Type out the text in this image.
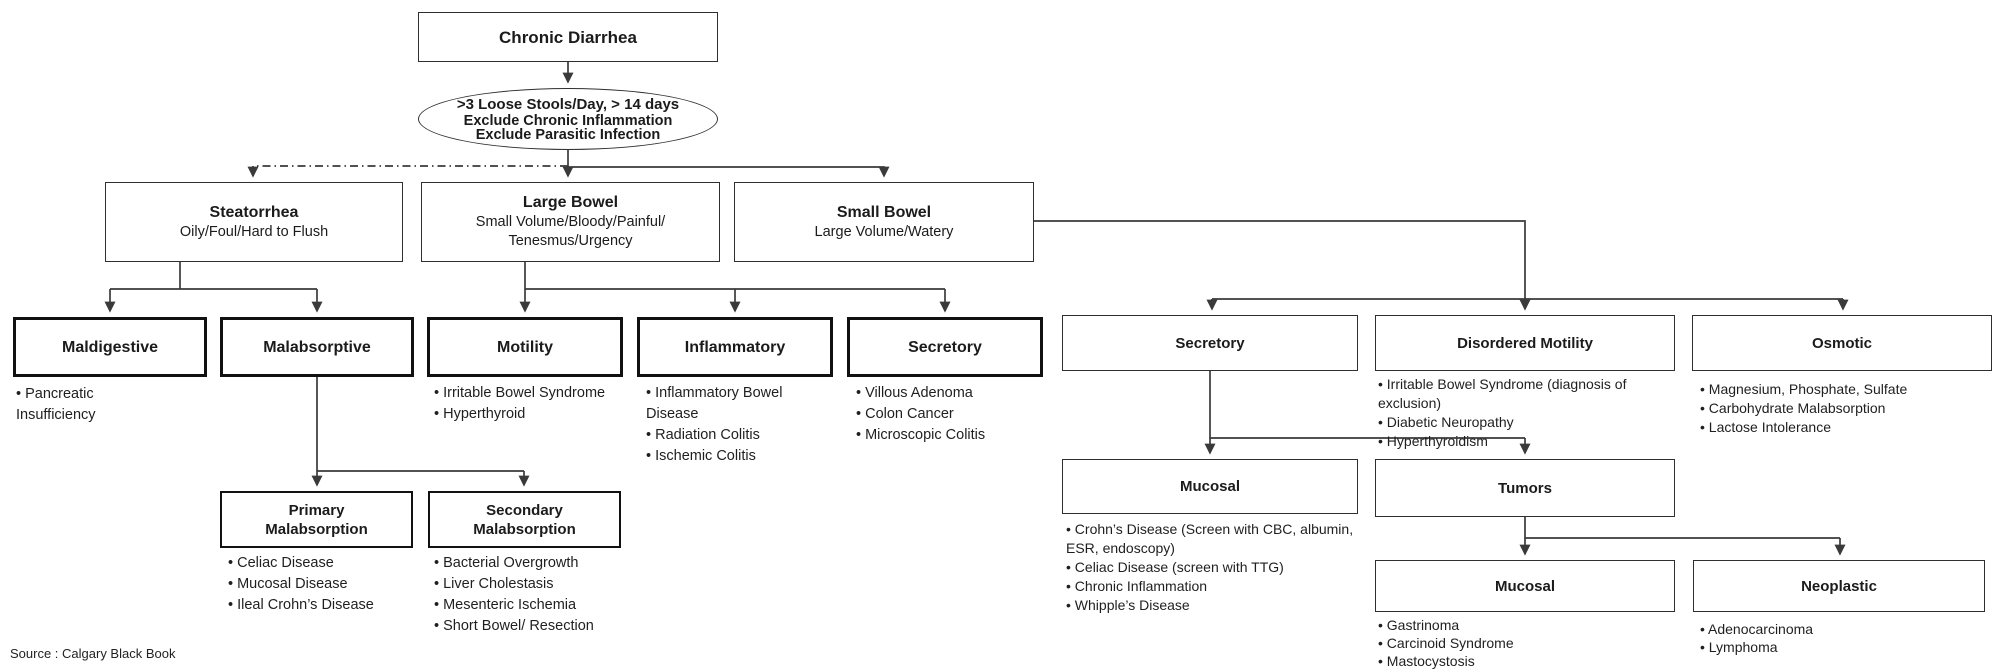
Chronic Diarrhea
>3 Loose Stools/Day, > 14 days
Exclude Chronic Inflammation
Exclude Parasitic Infection
Steatorrhea
Oily/Foul/Hard to Flush
Large Bowel
Small Volume/Bloody/Painful/
Tenesmus/Urgency
Small Bowel
Large Volume/Watery
Maldigestive	Malabsorptive	Motility	Inflammatory	Secretory
• Pancreatic Insufficiency
• Irritable Bowel Syndrome
• Hyperthyroid
• Inflammatory Bowel Disease
• Radiation Colitis
• Ischemic Colitis
• Villous Adenoma
• Colon Cancer
• Microscopic Colitis
Primary
Malabsorption
Secondary
Malabsorption
• Celiac Disease
• Mucosal Disease
• Ileal Crohn’s Disease
• Bacterial Overgrowth
• Liver Cholestasis
• Mesenteric Ischemia
• Short Bowel/ Resection
Secretory	Disordered Motility	Osmotic
• Irritable Bowel Syndrome (diagnosis of exclusion)
• Diabetic Neuropathy
• Hyperthyroidism
• Magnesium, Phosphate, Sulfate
• Carbohydrate Malabsorption
• Lactose Intolerance
Mucosal	Tumors
• Crohn’s Disease (Screen with CBC, albumin, ESR, endoscopy)
• Celiac Disease (screen with TTG)
• Chronic Inflammation
• Whipple’s Disease
Mucosal	Neoplastic
• Gastrinoma
• Carcinoid Syndrome
• Mastocystosis
• Adenocarcinoma
• Lymphoma
Source : Calgary Black Book
